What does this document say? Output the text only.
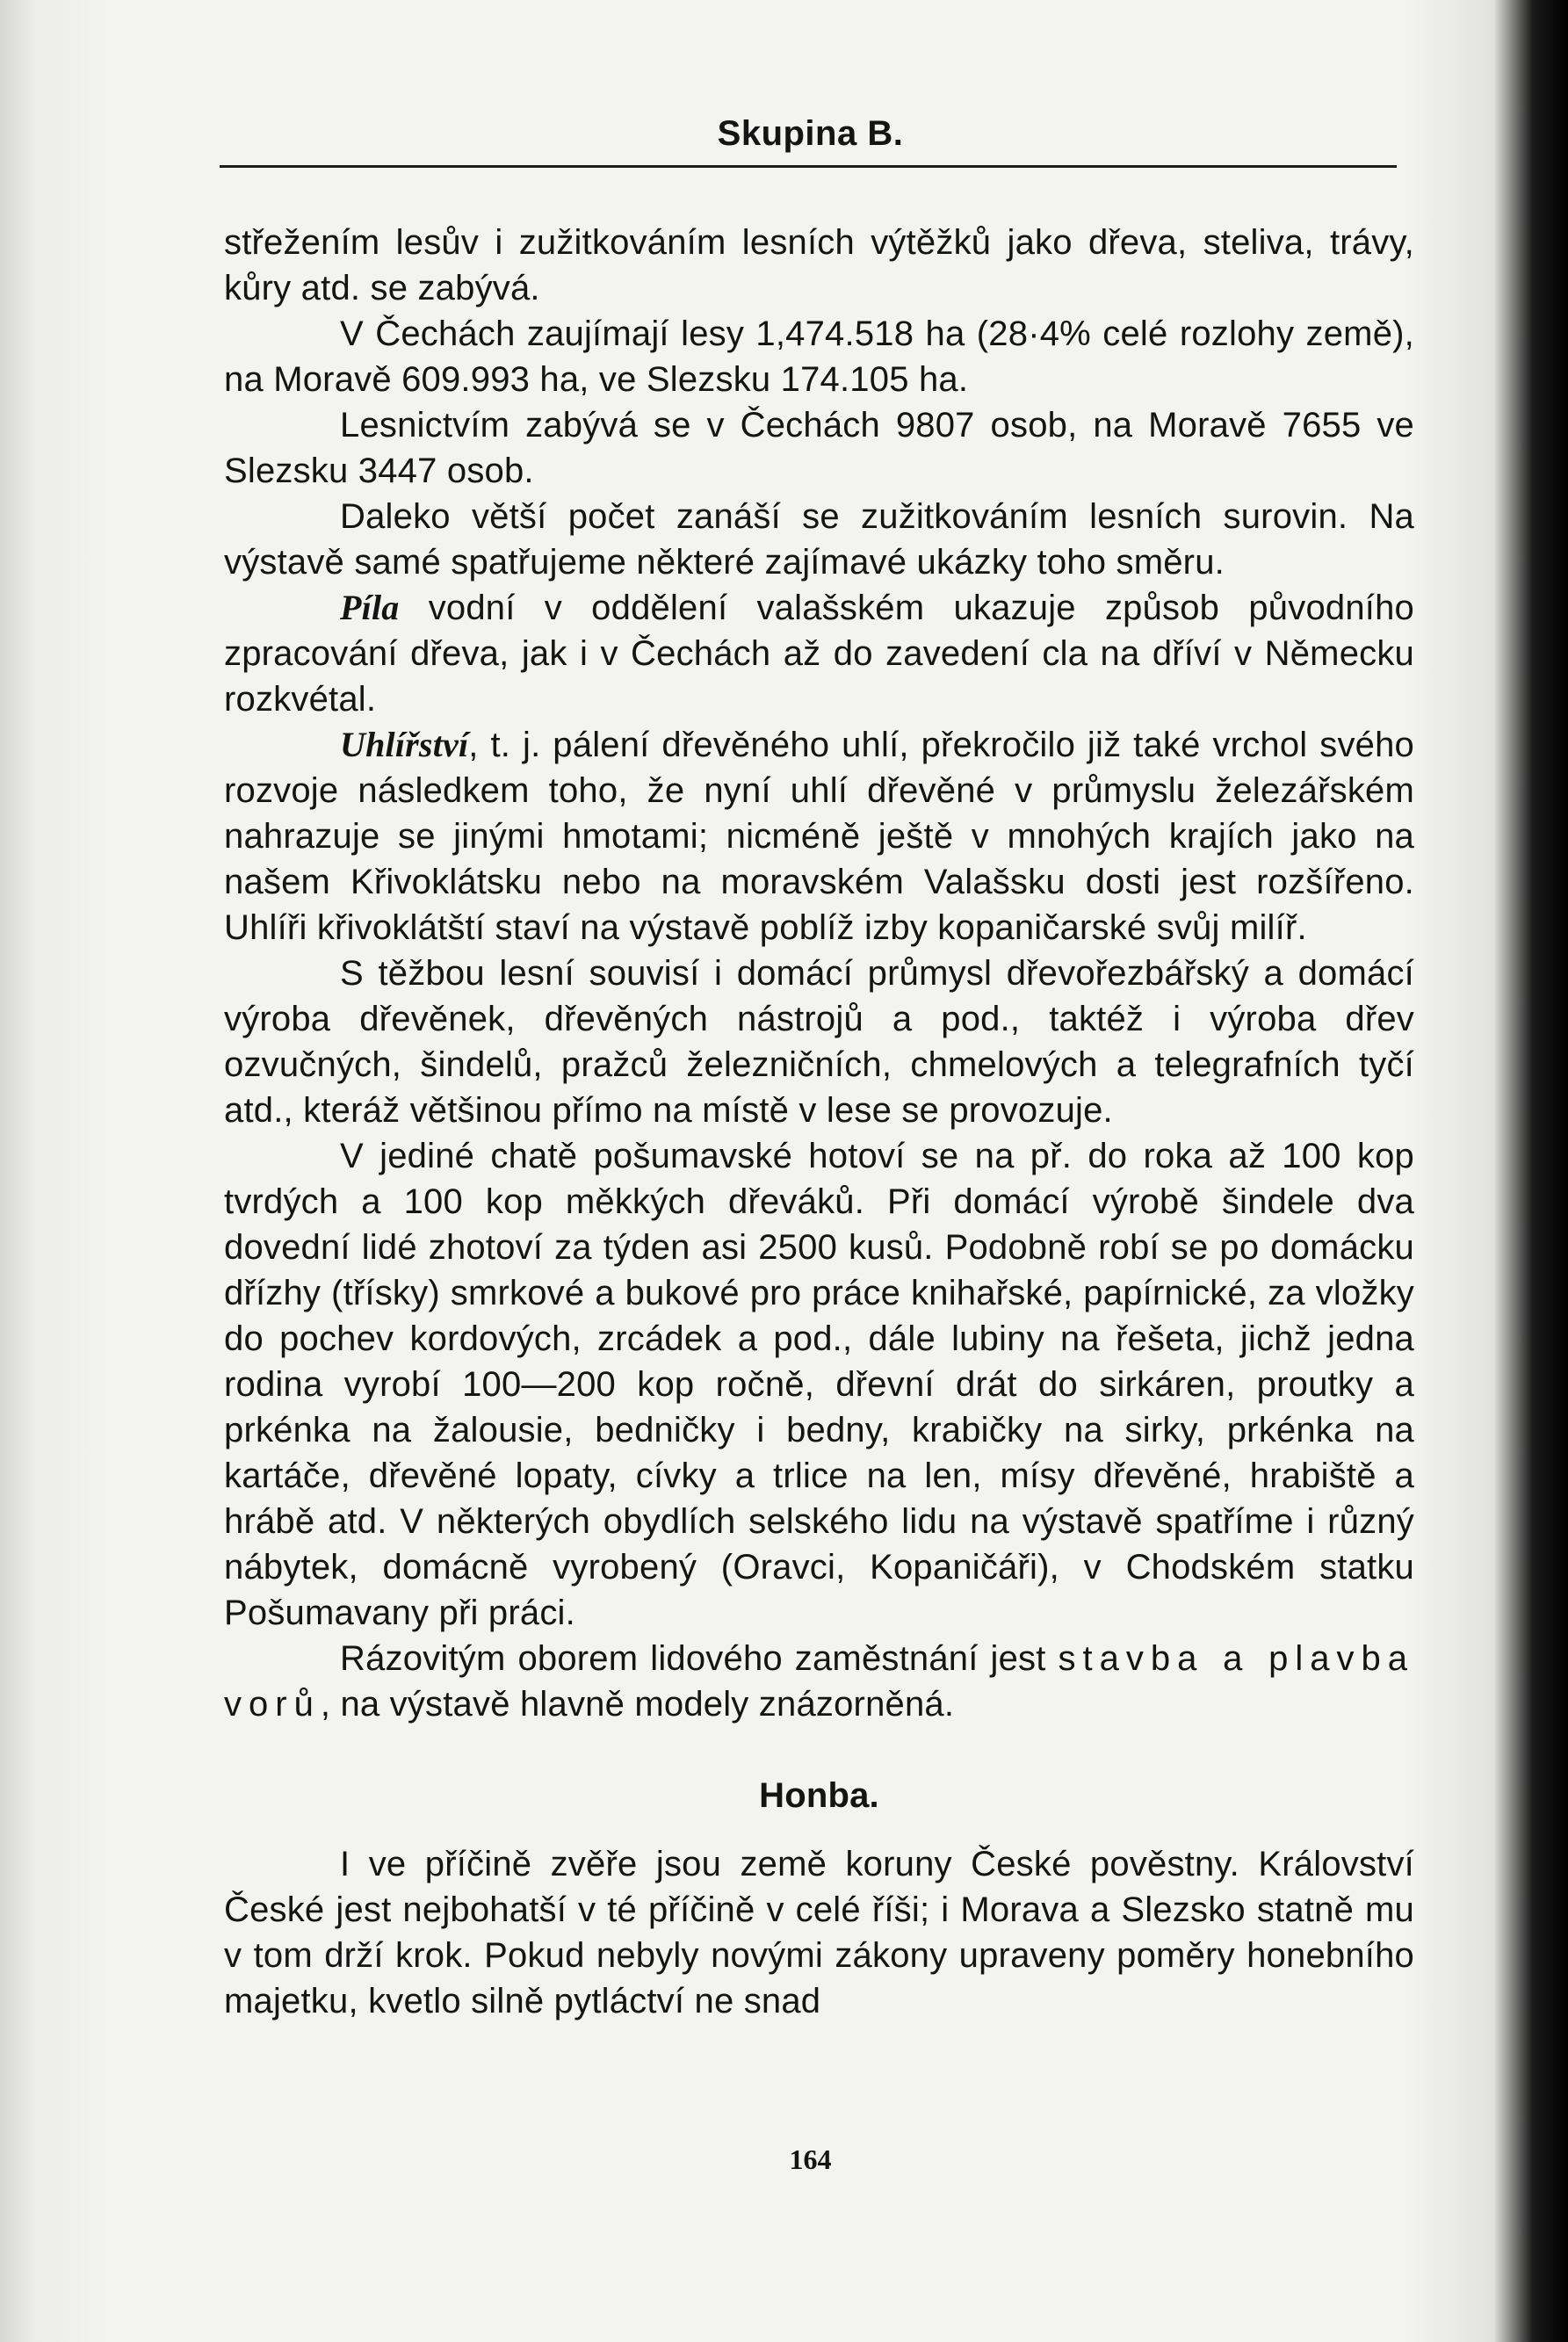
Skupina B.

střežením lesův i zužitkováním lesních výtěžků jako dřeva, steliva, trávy, kůry atd. se zabývá.

V Čechách zaujímají lesy 1,474.518 ha (28·4% celé rozlohy země), na Moravě 609.993 ha, ve Slezsku 174.105 ha.

Lesnictvím zabývá se v Čechách 9807 osob, na Moravě 7655 ve Slezsku 3447 osob.

Daleko větší počet zanáší se zužitkováním lesních surovin. Na výstavě samé spatřujeme některé zajímavé ukázky toho směru.

Píla vodní v oddělení valašském ukazuje způsob původního zpracování dřeva, jak i v Čechách až do zavedení cla na dříví v Německu rozkvétal.

Uhlířství, t. j. pálení dřevěného uhlí, překročilo již také vrchol svého rozvoje následkem toho, že nyní uhlí dřevěné v průmyslu železářském nahrazuje se jinými hmotami; nicméně ještě v mnohých krajích jako na našem Křivoklátsku nebo na moravském Valašsku dosti jest rozšířeno. Uhlíři křivoklátští staví na výstavě poblíž izby kopaničarské svůj milíř.

S těžbou lesní souvisí i domácí průmysl dřevořezbářský a domácí výroba dřevěnek, dřevěných nástrojů a pod., taktéž i výroba dřev ozvučných, šindelů, pražců železničních, chmelových a telegrafních tyčí atd., kteráž většinou přímo na místě v lese se provozuje.

V jediné chatě pošumavské hotoví se na př. do roka až 100 kop tvrdých a 100 kop měkkých dřeváků. Při domácí výrobě šindele dva dovední lidé zhotoví za týden asi 2500 kusů. Podobně robí se po domácku dřízhy (třísky) smrkové a bukové pro práce knihařské, papírnické, za vložky do pochev kordových, zrcádek a pod., dále lubiny na řešeta, jichž jedna rodina vyrobí 100—200 kop ročně, dřevní drát do sirkáren, proutky a prkénka na žalousie, bedničky i bedny, krabičky na sirky, prkénka na kartáče, dřevěné lopaty, cívky a trlice na len, mísy dřevěné, hrabiště a hrábě atd. V některých obydlích selského lidu na výstavě spatříme i různý nábytek, domácně vyrobený (Oravci, Kopaničáři), v Chodském statku Pošumavany při práci.

Rázovitým oborem lidového zaměstnání jest stavba a plavba vorů, na výstavě hlavně modely znázorněná.

Honba.

I ve příčině zvěře jsou země koruny České pověstny. Království České jest nejbohatší v té příčině v celé říši; i Morava a Slezsko statně mu v tom drží krok. Pokud nebyly novými zákony upraveny poměry honebního majetku, kvetlo silně pytláctví ne snad

164
